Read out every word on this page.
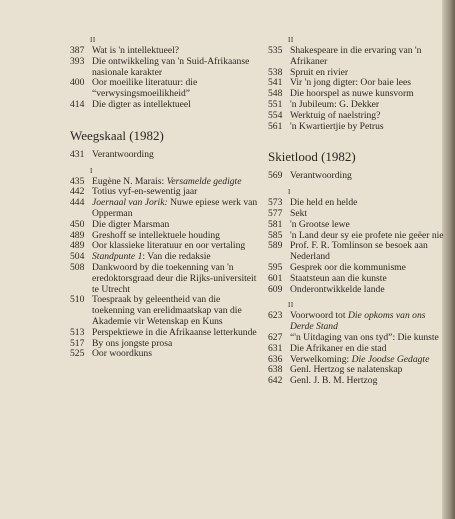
II
387 Wat is 'n intellektueel?
393 Die ontwikkeling van 'n Suid-Afrikaanse nasionale karakter
400 Oor moeilike literatuur: die “verwysingsmoeilikheid”
414 Die digter as intellektueel
Weegskaal (1982)
431 Verantwoording
I
435 Eugène N. Marais: Versamelde gedigte
442 Totius vyf-en-sewentig jaar
444 Joernaal van Jorik: Nuwe epiese werk van Opperman
450 Die digter Marsman
489 Greshoff se intellektuele houding
489 Oor klassieke literatuur en oor vertaling
504 Standpunte 1: Van die redaksie
508 Dankwoord by die toekenning van 'n eredoktorsgraad deur die Rijks-universiteit te Utrecht
510 Toespraak by geleentheid van die toekenning van erelidmaatskap van die Akademie vir Wetenskap en Kuns
513 Perspektiewe in die Afrikaanse letterkunde
517 By ons jongste prosa
525 Oor woordkuns
II
535 Shakespeare in die ervaring van 'n Afrikaner
538 Spruit en rivier
541 Vir 'n jong digter: Oor baie lees
548 Die hoorspel as nuwe kunsvorm
551 'n Jubileum: G. Dekker
554 Werktuig of naelstring?
561 'n Kwartiertjie by Petrus
Skietlood (1982)
569 Verantwoording
I
573 Die held en helde
577 Sekt
581 'n Grootse lewe
585 'n Land deur sy eie profete nie geëer nie
589 Prof. F. R. Tomlinson se besoek aan Nederland
595 Gesprek oor die kommunisme
601 Staatsteun aan die kunste
609 Onderontwikkelde lande
II
623 Voorwoord tot Die opkoms van ons Derde Stand
627 “'n Uitdaging van ons tyd”: Die kunste
631 Die Afrikaner en die stad
636 Verwelkoming: Die Joodse Gedagte
638 Genl. Hertzog se nalatenskap
642 Genl. J. B. M. Hertzog
